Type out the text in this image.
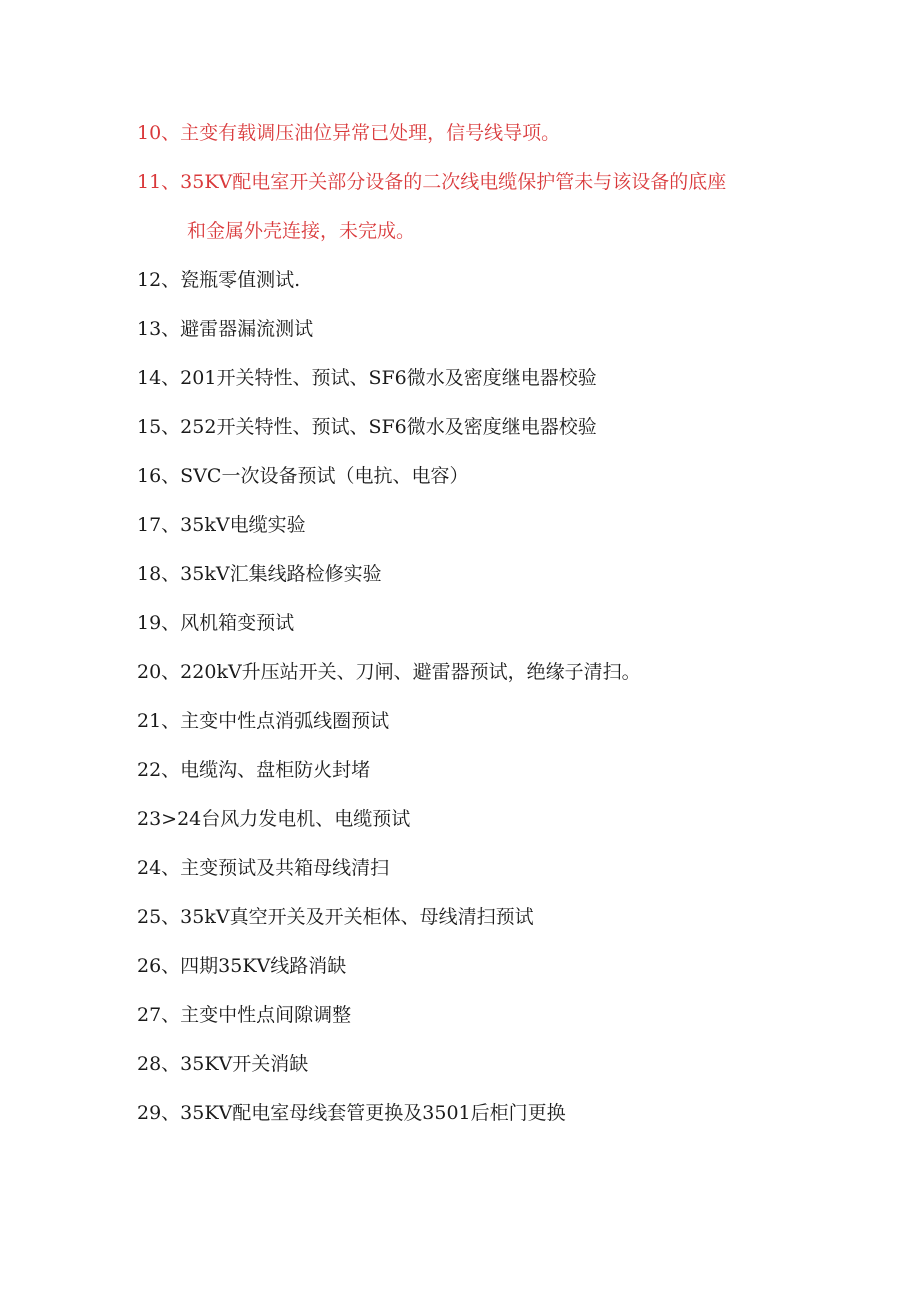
10、主变有载调压油位异常已处理，信号线导项。
11、35KV配电室开关部分设备的二次线电缆保护管未与该设备的底座
和金属外壳连接，未完成。
12、瓷瓶零值测试.
13、避雷器漏流测试
14、201开关特性、预试、SF6微水及密度继电器校验
15、252开关特性、预试、SF6微水及密度继电器校验
16、SVC一次设备预试（电抗、电容）
17、35kV电缆实验
18、35kV汇集线路检修实验
19、风机箱变预试
20、220kV升压站开关、刀闸、避雷器预试，绝缘子清扫。
21、主变中性点消弧线圈预试
22、电缆沟、盘柜防火封堵
23>24台风力发电机、电缆预试
24、主变预试及共箱母线清扫
25、35kV真空开关及开关柜体、母线清扫预试
26、四期35KV线路消缺
27、主变中性点间隙调整
28、35KV开关消缺
29、35KV配电室母线套管更换及3501后柜门更换
